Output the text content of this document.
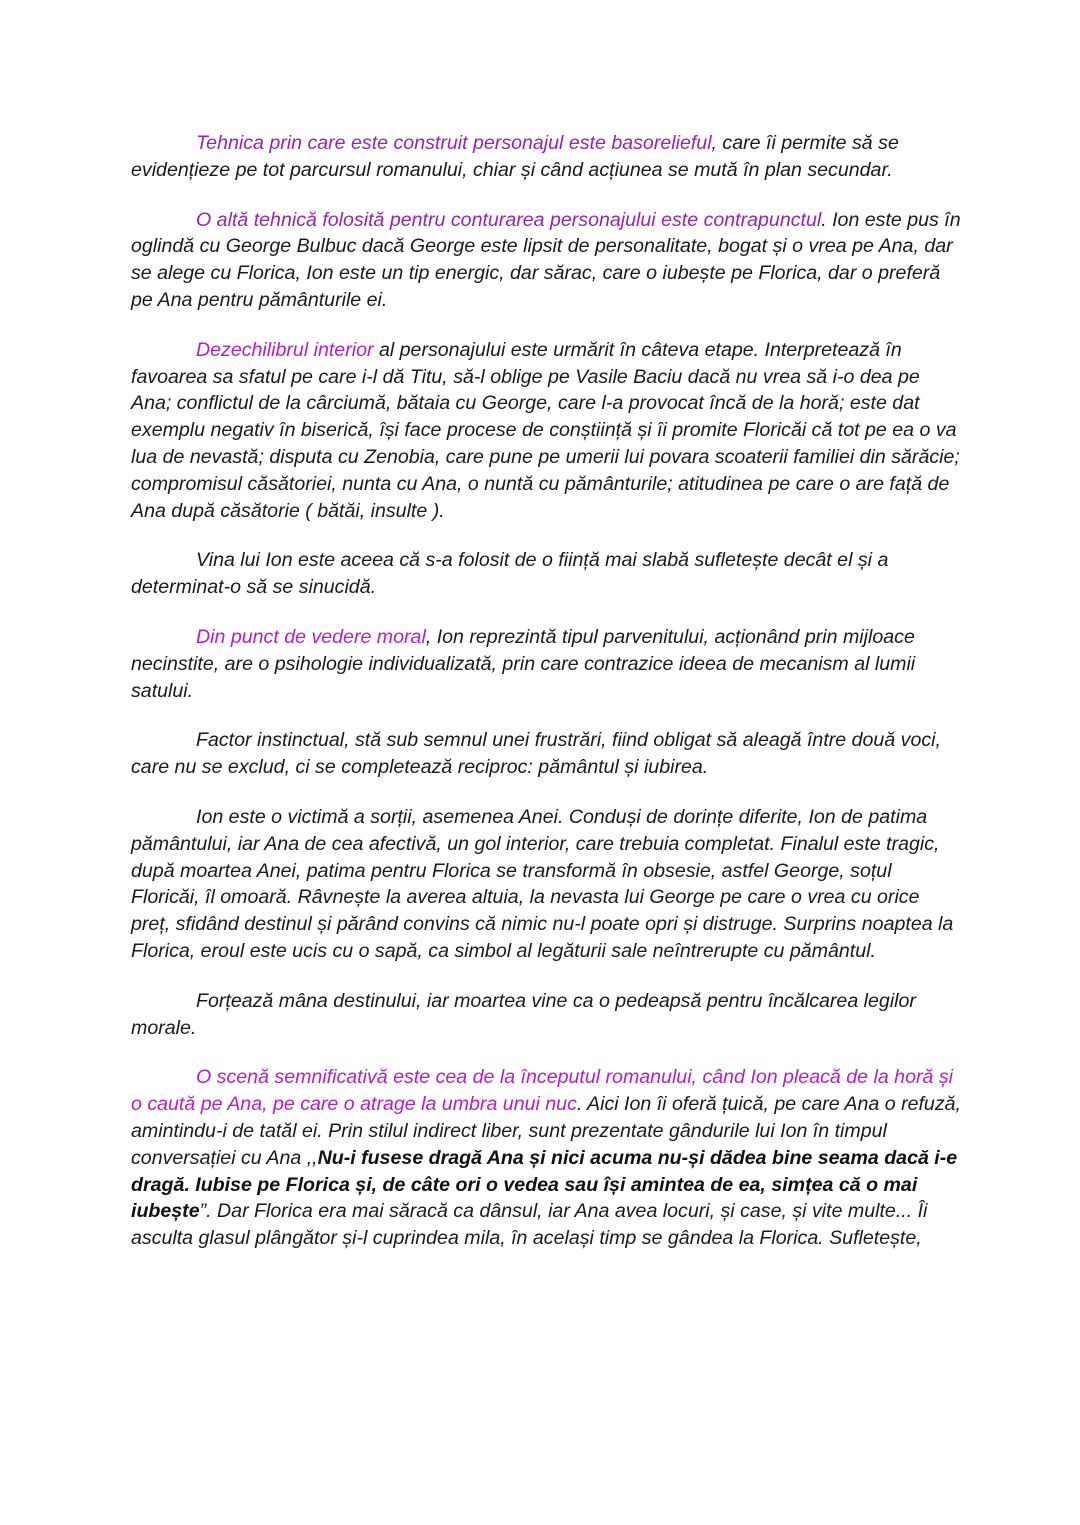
Tehnica prin care este construit personajul este basorelieful, care îi permite să se evidențieze pe tot parcursul romanului, chiar și când acțiunea se mută în plan secundar.

O altă tehnică folosită pentru conturarea personajului este contrapunctul. Ion este pus în oglindă cu George Bulbuc dacă George este lipsit de personalitate, bogat și o vrea pe Ana, dar se alege cu Florica, Ion este un tip energic, dar sărac, care o iubește pe Florica, dar o preferă pe Ana pentru pământurile ei.

Dezechilibrul interior al personajului este urmărit în câteva etape. Interpretează în favoarea sa sfatul pe care i-l dă Titu, să-l oblige pe Vasile Baciu dacă nu vrea să i-o dea pe Ana; conflictul de la cârciumă, bătaia cu George, care l-a provocat încă de la horă; este dat exemplu negativ în biserică, își face procese de conștiință și îi promite Floricăi că tot pe ea o va lua de nevastă; disputa cu Zenobia, care pune pe umerii lui povara scoaterii familiei din sărăcie; compromisul căsătoriei, nunta cu Ana, o nuntă cu pământurile; atitudinea pe care o are față de Ana după căsătorie ( bătăi, insulte ).

Vina lui Ion este aceea că s-a folosit de o ființă mai slabă sufletește decât el și a determinat-o să se sinucidă.

Din punct de vedere moral, Ion reprezintă tipul parvenitului, acționând prin mijloace necinstite, are o psihologie individualizată, prin care contrazice ideea de mecanism al lumii satului.

Factor instinctual, stă sub semnul unei frustrări, fiind obligat să aleagă între două voci, care nu se exclud, ci se completează reciproc: pământul și iubirea.

Ion este o victimă a sorții, asemenea Anei. Conduși de dorințe diferite, Ion de patima pământului, iar Ana de cea afectivă, un gol interior, care trebuia completat. Finalul este tragic, după moartea Anei, patima pentru Florica se transformă în obsesie, astfel George, soțul Floricăi, îl omoară. Râvnește la averea altuia, la nevasta lui George pe care o vrea cu orice preț, sfidând destinul și părând convins că nimic nu-l poate opri și distruge. Surprins noaptea la Florica, eroul este ucis cu o sapă, ca simbol al legăturii sale neîntrerupte cu pământul.

Forțează mâna destinului, iar moartea vine ca o pedeapsă pentru încălcarea legilor morale.

O scenă semnificativă este cea de la începutul romanului, când Ion pleacă de la horă și o caută pe Ana, pe care o atrage la umbra unui nuc. Aici Ion îi oferă țuică, pe care Ana o refuză, amintindu-i de tatăl ei. Prin stilul indirect liber, sunt prezentate gândurile lui Ion în timpul conversației cu Ana ,,Nu-i fusese dragă Ana și nici acuma nu-și dădea bine seama dacă i-e dragă. Iubise pe Florica și, de câte ori o vedea sau își amintea de ea, simțea că o mai iubește”. Dar Florica era mai săracă ca dânsul, iar Ana avea locuri, și case, și vite multe... Îi asculta glasul plângător și-l cuprindea mila, în același timp se gândea la Florica. Sufletește,
